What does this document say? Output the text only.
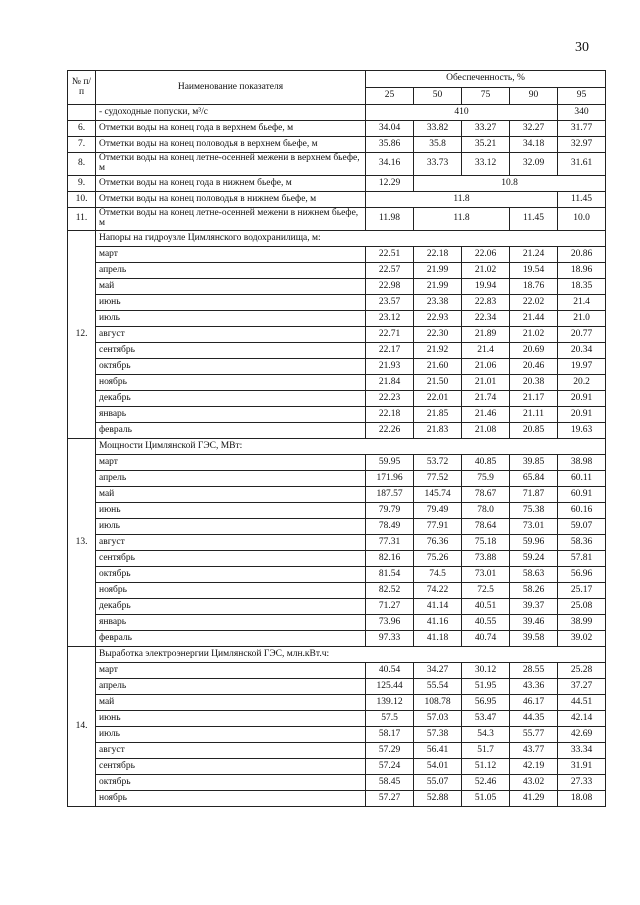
30
№ п/п	Наименование показателя	Обеспеченность, %				
		25	50	75	90	95
	- судоходные попуски, м³/с	410				340
6.	Отметки воды на конец года в верхнем бьефе, м	34.04	33.82	33.27	32.27	31.77
7.	Отметки воды на конец половодья в верхнем бьефе, м	35.86	35.8	35.21	34.18	32.97
8.	Отметки воды на конец летне-осенней межени в верхнем бьефе, м	34.16	33.73	33.12	32.09	31.61
9.	Отметки воды на конец года в нижнем бьефе, м	12.29	10.8			
10.	Отметки воды на конец половодья в нижнем бьефе, м	11.8				11.45
11.	Отметки воды на конец летне-осенней межени в нижнем бьефе, м	11.98	11.8		11.45	10.0
12.	Напоры на гидроузле Цимлянского водохранилища, м:					
	март	22.51	22.18	22.06	21.24	20.86
	апрель	22.57	21.99	21.02	19.54	18.96
	май	22.98	21.99	19.94	18.76	18.35
	июнь	23.57	23.38	22.83	22.02	21.4
	июль	23.12	22.93	22.34	21.44	21.0
	август	22.71	22.30	21.89	21.02	20.77
	сентябрь	22.17	21.92	21.4	20.69	20.34
	октябрь	21.93	21.60	21.06	20.46	19.97
	ноябрь	21.84	21.50	21.01	20.38	20.2
	декабрь	22.23	22.01	21.74	21.17	20.91
	январь	22.18	21.85	21.46	21.11	20.91
	февраль	22.26	21.83	21.08	20.85	19.63
13.	Мощности Цимлянской ГЭС, МВт:					
	март	59.95	53.72	40.85	39.85	38.98
	апрель	171.96	77.52	75.9	65.84	60.11
	май	187.57	145.74	78.67	71.87	60.91
	июнь	79.79	79.49	78.0	75.38	60.16
	июль	78.49	77.91	78.64	73.01	59.07
	август	77.31	76.36	75.18	59.96	58.36
	сентябрь	82.16	75.26	73.88	59.24	57.81
	октябрь	81.54	74.5	73.01	58.63	56.96
	ноябрь	82.52	74.22	72.5	58.26	25.17
	декабрь	71.27	41.14	40.51	39.37	25.08
	январь	73.96	41.16	40.55	39.46	38.99
	февраль	97.33	41.18	40.74	39.58	39.02
14.	Выработка электроэнергии Цимлянской ГЭС, млн.кВт.ч:					
	март	40.54	34.27	30.12	28.55	25.28
	апрель	125.44	55.54	51.95	43.36	37.27
	май	139.12	108.78	56.95	46.17	44.51
	июнь	57.5	57.03	53.47	44.35	42.14
	июль	58.17	57.38	54.3	55.77	42.69
	август	57.29	56.41	51.7	43.77	33.34
	сентябрь	57.24	54.01	51.12	42.19	31.91
	октябрь	58.45	55.07	52.46	43.02	27.33
	ноябрь	57.27	52.88	51.05	41.29	18.08
